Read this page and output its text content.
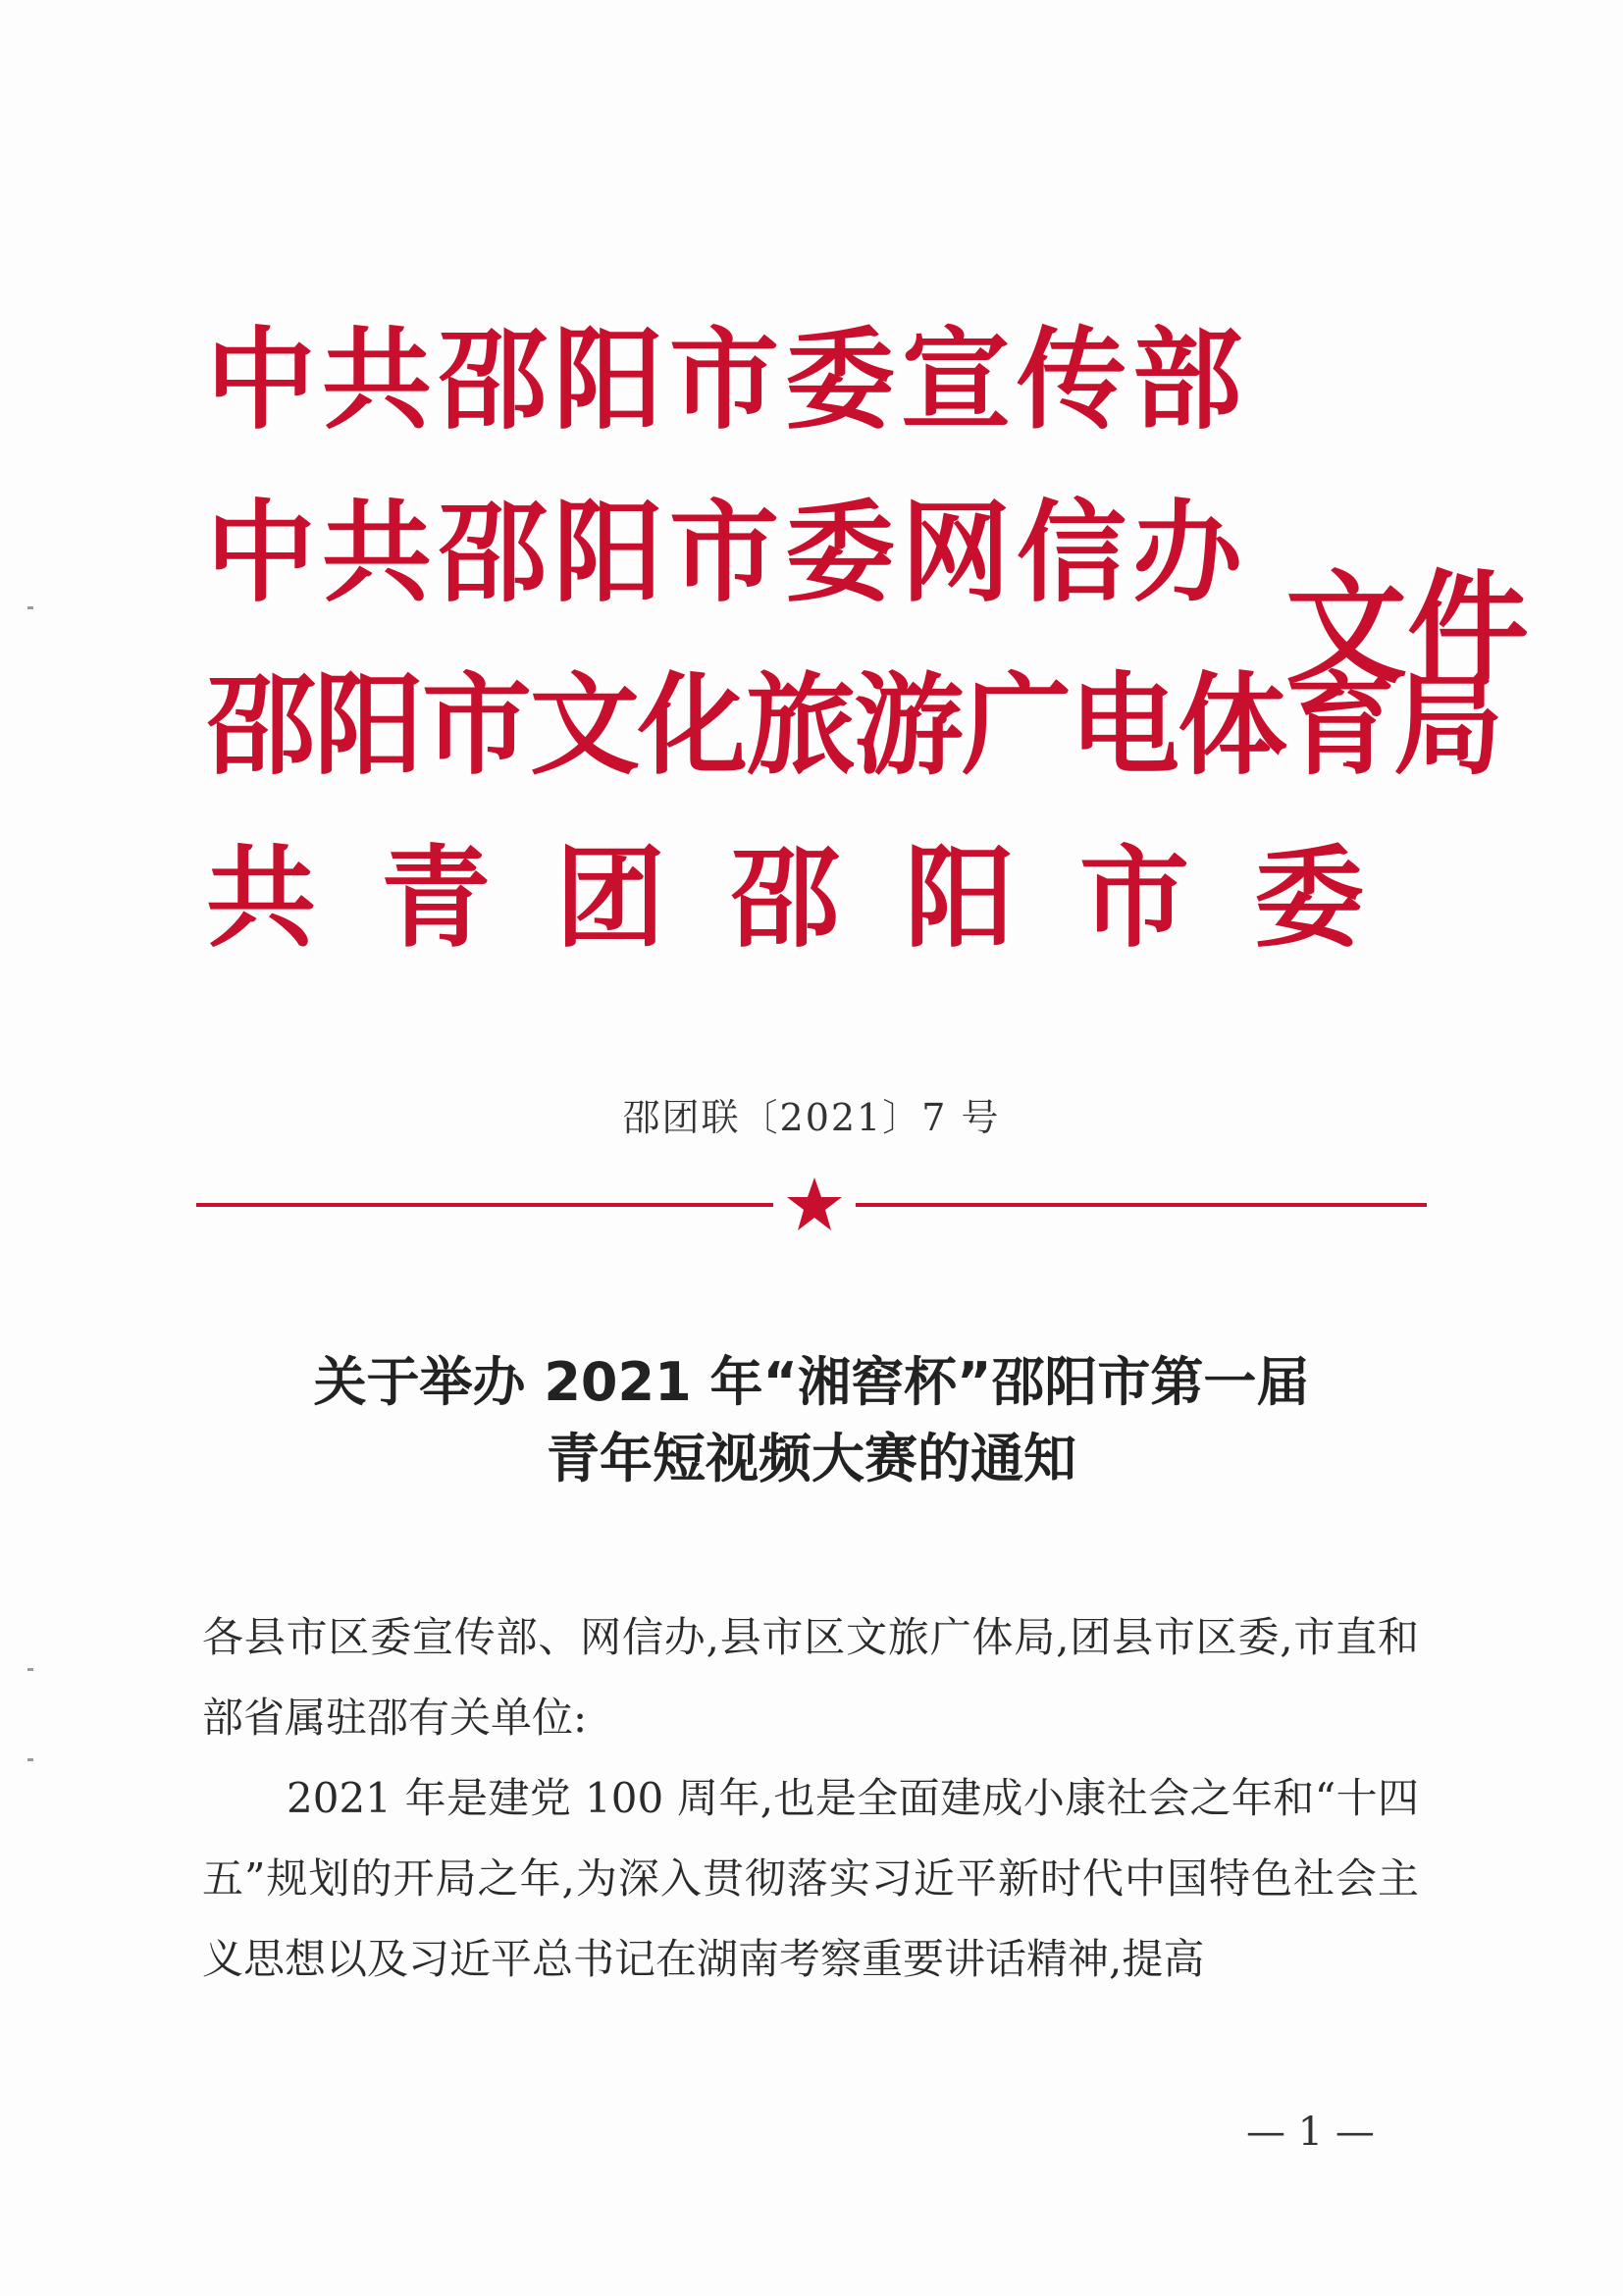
中共邵阳市委宣传部
中共邵阳市委网信办
邵阳市文化旅游广电体育局
共青团邵阳市委
文件
邵团联〔2021〕7 号
关于举办 2021 年“湘窖杯”邵阳市第一届
青年短视频大赛的通知

各县市区委宣传部、网信办,县市区文旅广体局,团县市区委,市直和部省属驻邵有关单位:

2021 年是建党 100 周年,也是全面建成小康社会之年和“十四五”规划的开局之年,为深入贯彻落实习近平新时代中国特色社会主义思想以及习近平总书记在湖南考察重要讲话精神,提高

— 1 —
